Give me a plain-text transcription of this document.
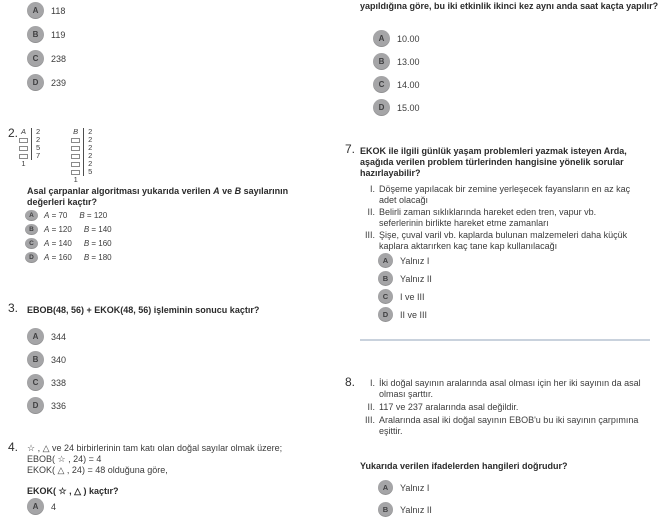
A	118
B	119
C	238
D	239
2. A
1
2
2
5
7
B
1
2
2
2
2
2
5
Asal çarpanlar algoritması yukarıda verilen A ve B sayılarının değerleri kaçtır?
A	A = 70 B = 120
B	A = 120 B = 140
C	A = 140 B = 160
D	A = 160 B = 180
3. EBOB(48, 56) + EKOK(48, 56) işleminin sonucu kaçtır?
A	344
B	340
C	338
D	336
4. ☆ , △ ve 24 birbirlerinin tam katı olan doğal sayılar olmak üzere;
EBOB( ☆ , 24) = 4
EKOK( △ , 24) = 48 olduğuna göre,
EKOK( ☆ , △ ) kaçtır?
A	4
yapıldığına göre, bu iki etkinlik ikinci kez aynı anda saat kaçta yapılır?
A	10.00
B	13.00
C	14.00
D	15.00
7. EKOK ile ilgili günlük yaşam problemleri yazmak isteyen Arda, aşağıda verilen problem türlerinden hangisine yönelik sorular hazırlayabilir?
I. Döşeme yapılacak bir zemine yerleşecek fayansların en az kaç adet olacağı
II. Belirli zaman sıklıklarında hareket eden tren, vapur vb. seferlerinin birlikte hareket etme zamanları
III. Şişe, çuval varil vb. kaplarda bulunan malzemeleri daha küçük kaplara aktarırken kaç tane kap kullanılacağı
A	Yalnız I
B	Yalnız II
C	I ve III
D	II ve III
8.	I. İki doğal sayının aralarında asal olması için her iki sayının da asal olması şarttır.
II. 117 ve 237 aralarında asal değildir.
III. Aralarında asal iki doğal sayının EBOB'u bu iki sayının çarpımına eşittir.
Yukarıda verilen ifadelerden hangileri doğrudur?
A	Yalnız I
B	Yalnız II
